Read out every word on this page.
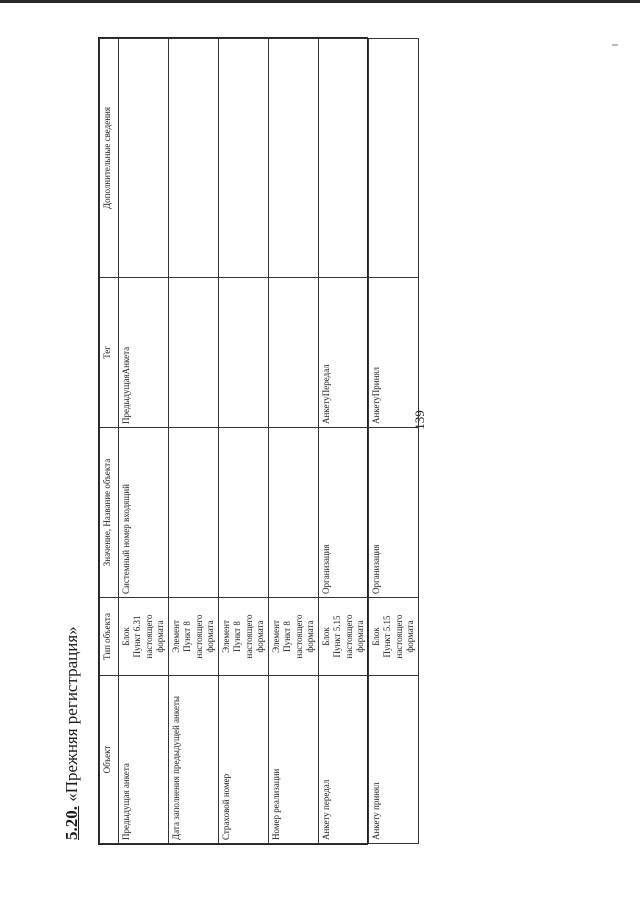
139
5.20. «Прежняя регистрация» Объект	Тип объекта	Значение, Название объекта	Тег	Дополнительные сведения
Предыдущая анкета	Блок Пункт 6.31 настоящего формата	Системный номер входящий	ПредыдущаяАнкета	
Дата заполнения предыдущей анкеты	Элемент Пункт 8 настоящего формата			

Страховой номер	Элемент Пункт 8 настоящего формата			

Номер реализации	Элемент Пункт 8 настоящего формата			

Анкету передал	Блок Пункт 5.15 настоящего формата	Организация	АнкетуПередал	
Анкету принял	Блок Пункт 5.15 настоящего формата	Организация	АнкетуПринял	
